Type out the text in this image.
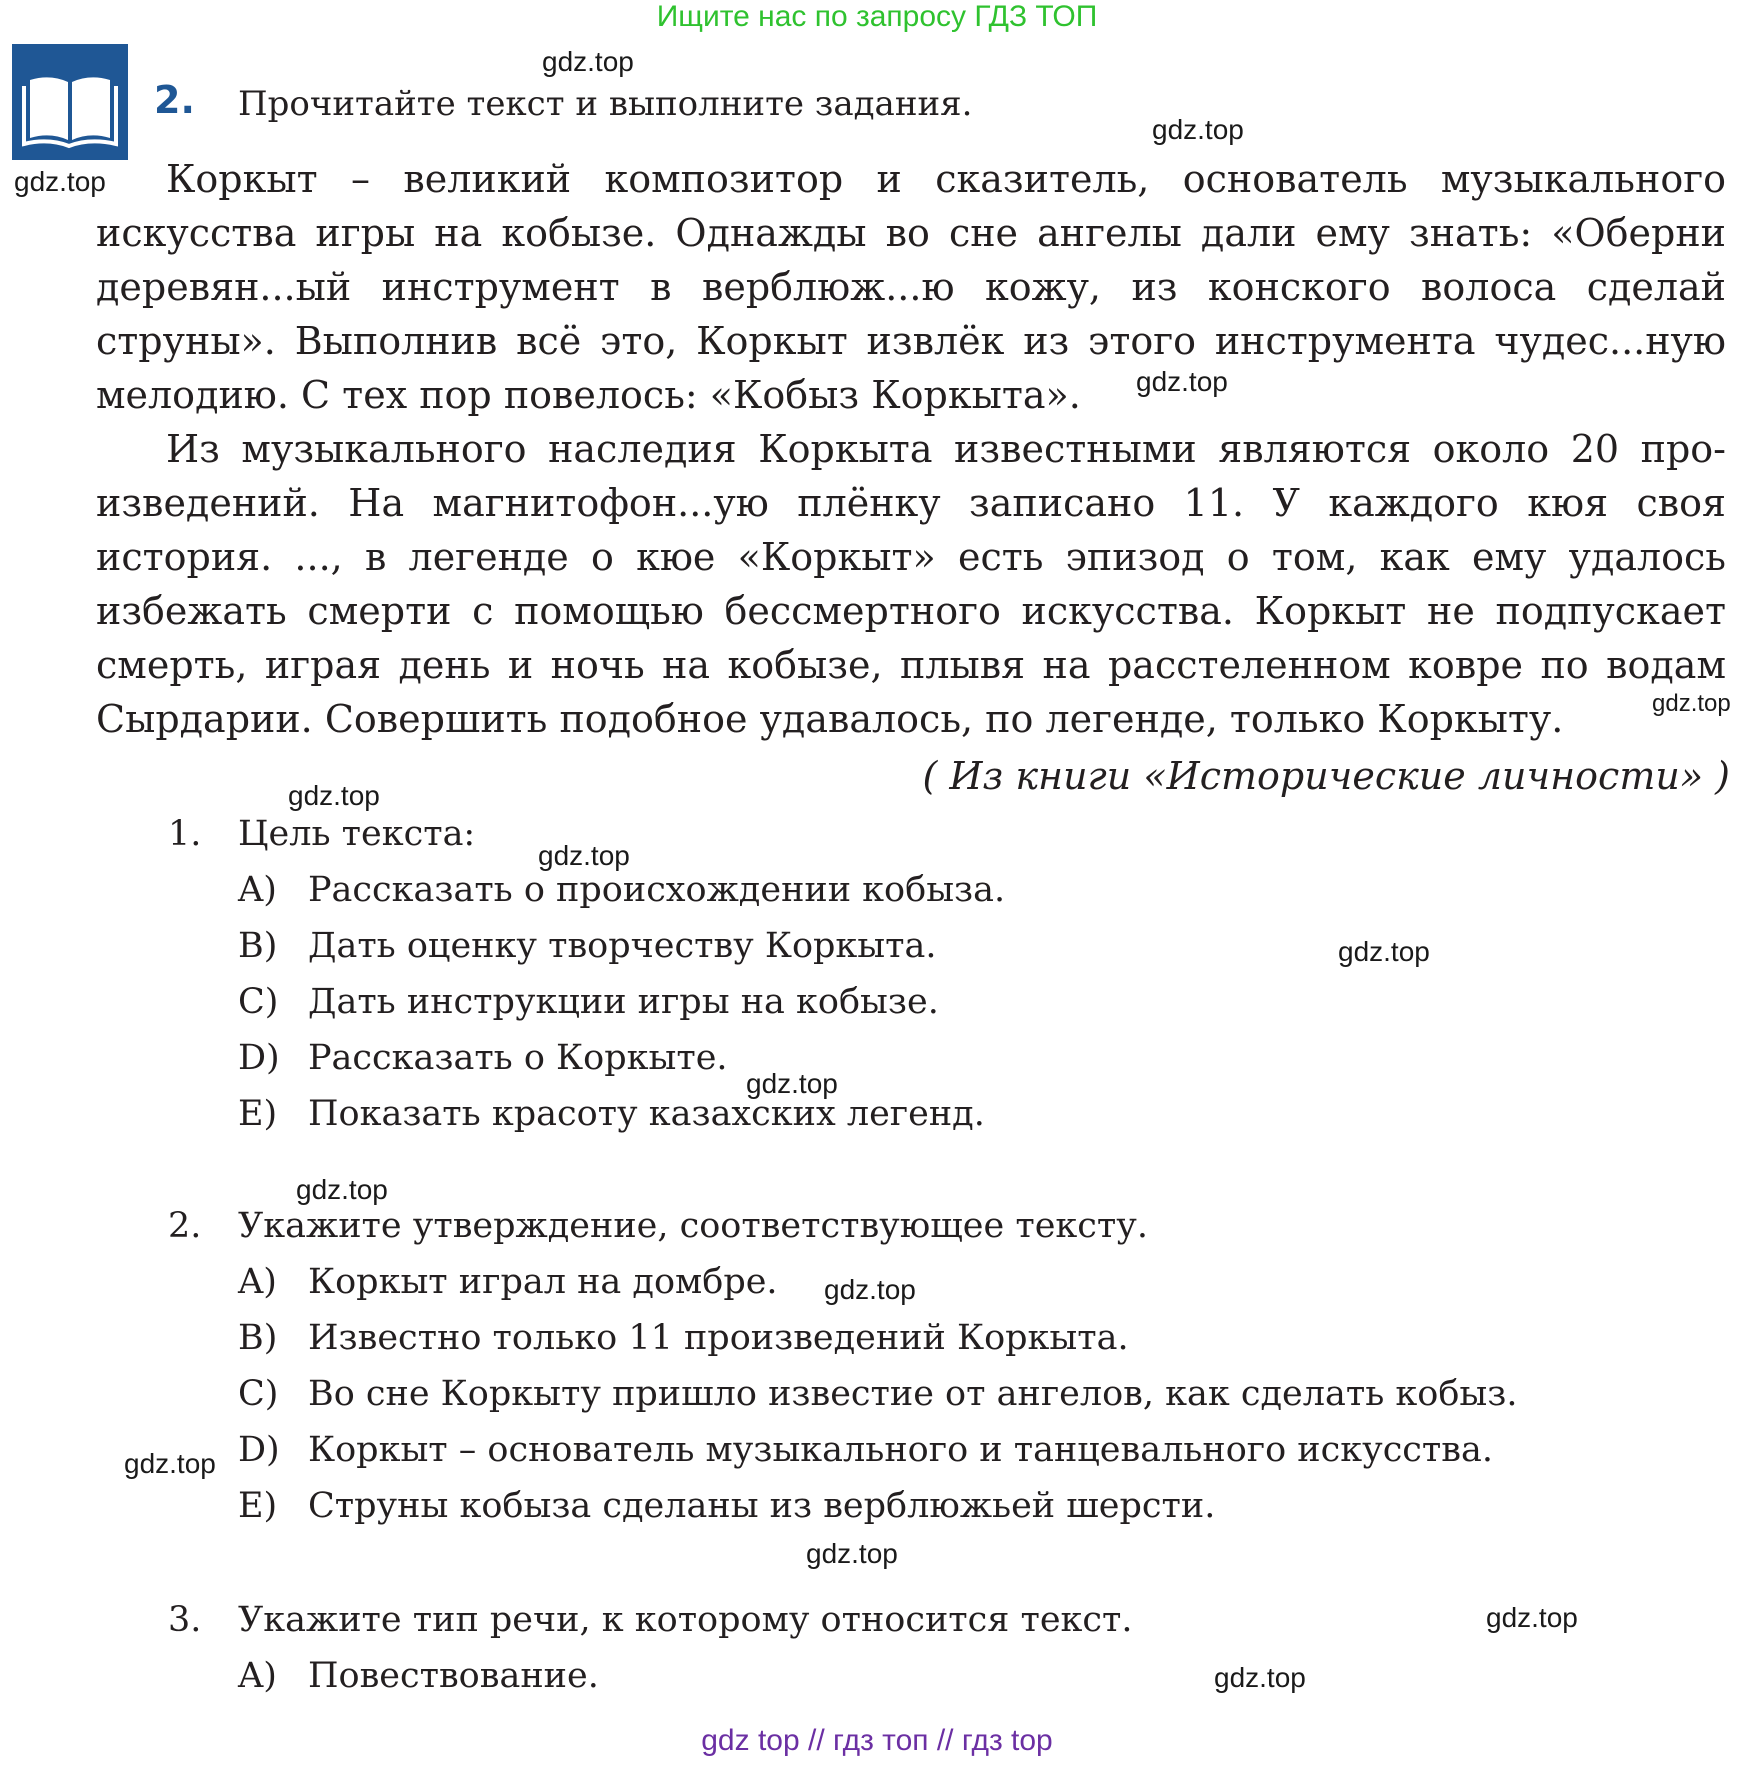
Ищите нас по запросу ГДЗ ТОП
2. Прочитайте текст и выполните задания.
Коркыт – великий композитор и сказитель, основатель музыкального
искусства игры на кобызе. Однажды во сне ангелы дали ему знать: «Оберни
деревян...ый инструмент в верблюж...ю кожу, из конского волоса сделай
струны». Выполнив всё это, Коркыт извлёк из этого инструмента чудес...ную
мелодию. С тех пор повелось: «Кобыз Коркыта».
Из музыкального наследия Коркыта известными являются около 20 про-
изведений. На магнитофон...ую плёнку записано 11. У каждого кюя своя
история. ..., в легенде о кюе «Коркыт» есть эпизод о том, как ему удалось
избежать смерти с помощью бессмертного искусства. Коркыт не подпускает
смерть, играя день и ночь на кобызе, плывя на расстеленном ковре по водам
Сырдарии. Совершить подобное удавалось, по легенде, только Коркыту.
( Из книги «Исторические личности» )
1. Цель текста:
A) Рассказать о происхождении кобыза.
B) Дать оценку творчеству Коркыта.
C) Дать инструкции игры на кобызе.
D) Рассказать о Коркыте.
E) Показать красоту казахских легенд.
2. Укажите утверждение, соответствующее тексту.
A) Коркыт играл на домбре.
B) Известно только 11 произведений Коркыта.
C) Во сне Коркыту пришло известие от ангелов, как сделать кобыз.
D) Коркыт – основатель музыкального и танцевального искусства.
E) Струны кобыза сделаны из верблюжьей шерсти.
3. Укажите тип речи, к которому относится текст.
A) Повествование.
gdz.top
gdz.top
gdz.top
gdz.top
gdz.top
gdz.top
gdz.top
gdz.top
gdz.top
gdz.top
gdz.top
gdz.top
gdz.top
gdz.top
gdz.top
gdz top // гдз топ // гдз top
